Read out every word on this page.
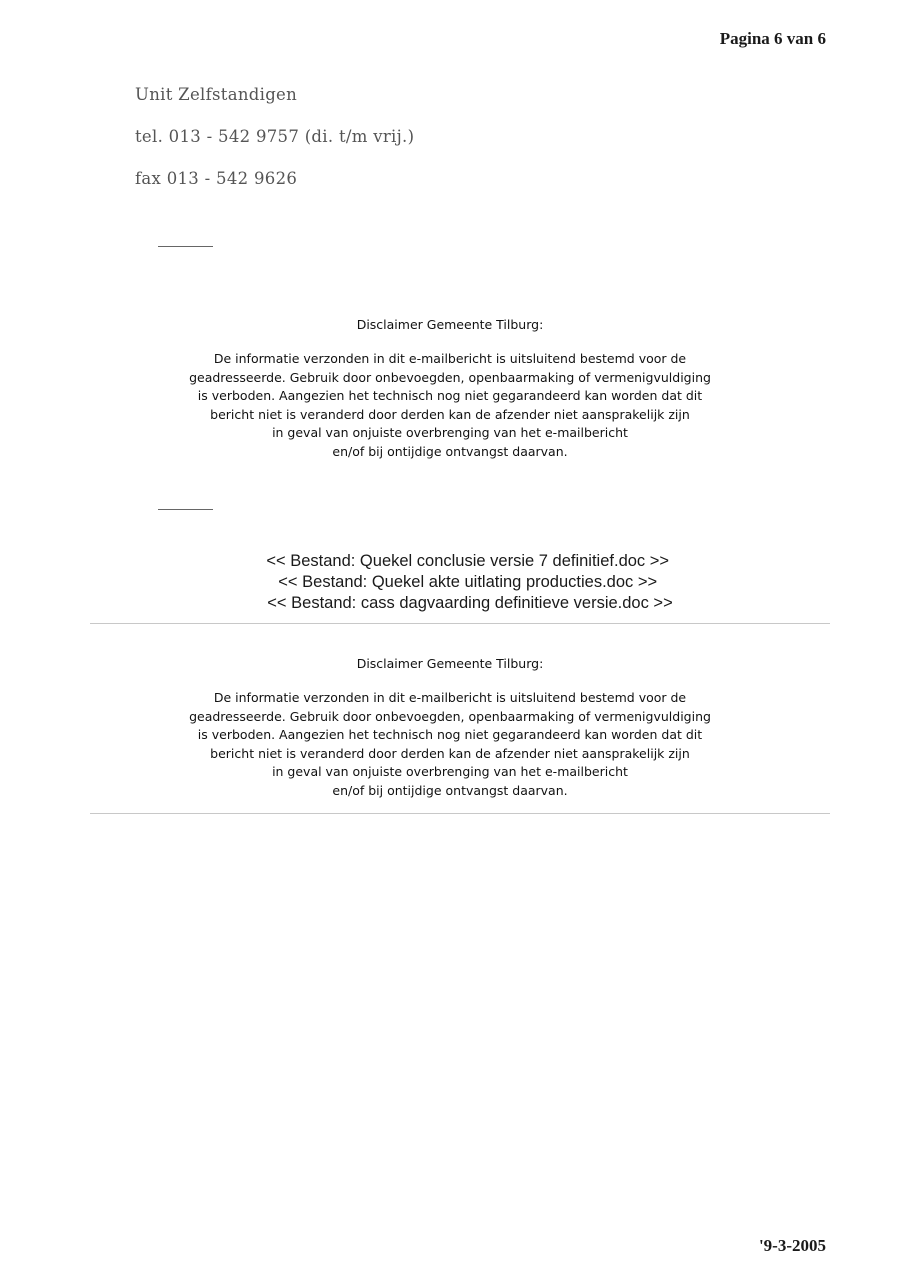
Pagina 6 van 6
Unit Zelfstandigen
tel. 013 - 542 9757 (di. t/m vrij.)
fax 013 - 542 9626
Disclaimer Gemeente Tilburg:
De informatie verzonden in dit e-mailbericht is uitsluitend bestemd voor de
geadresseerde. Gebruik door onbevoegden, openbaarmaking of vermenigvuldiging
is verboden. Aangezien het technisch nog niet gegarandeerd kan worden dat dit
bericht niet is veranderd door derden kan de afzender niet aansprakelijk zijn
in geval van onjuiste overbrenging van het e-mailbericht
en/of bij ontijdige ontvangst daarvan.
<< Bestand: Quekel conclusie versie 7 definitief.doc >>  << Bestand: Quekel akte uitlating producties.doc >>  << Bestand: cass dagvaarding definitieve versie.doc >>
Disclaimer Gemeente Tilburg:
De informatie verzonden in dit e-mailbericht is uitsluitend bestemd voor de
geadresseerde. Gebruik door onbevoegden, openbaarmaking of vermenigvuldiging
is verboden. Aangezien het technisch nog niet gegarandeerd kan worden dat dit
bericht niet is veranderd door derden kan de afzender niet aansprakelijk zijn
in geval van onjuiste overbrenging van het e-mailbericht
en/of bij ontijdige ontvangst daarvan.
'9-3-2005
